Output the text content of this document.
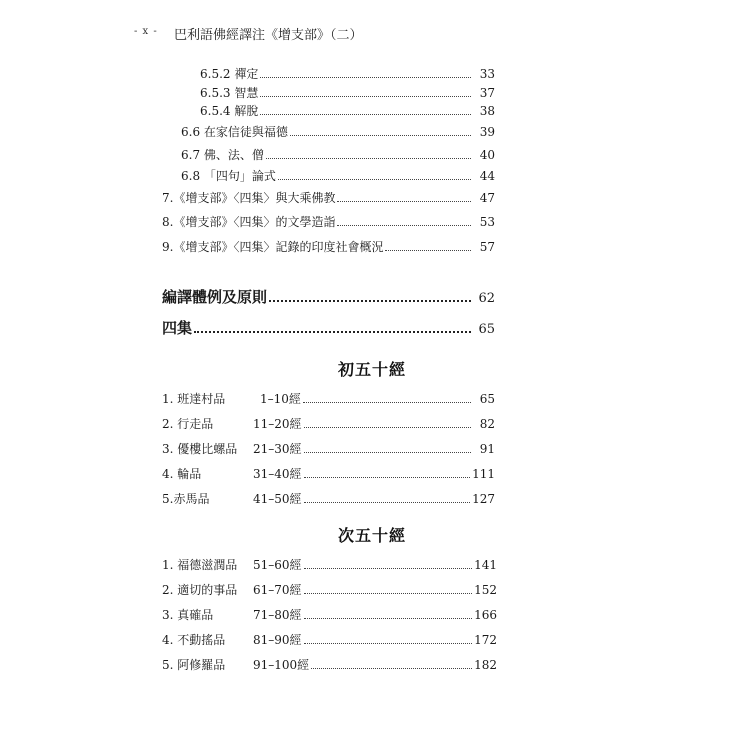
- x - 巴利語佛經譯注《增支部》（二）
6.5.2 禪定	33
6.5.3 智慧	37
6.5.4 解脫	38
6.6 在家信徒與福德	39
6.7 佛、法、僧	40
6.8 「四句」論式	44
7.《增支部》〈四集〉與大乘佛教	47
8.《增支部》〈四集〉的文學造詣	53
9.《增支部》〈四集〉記錄的印度社會概況	57
編譯體例及原則	62
四集	65
初五十經
1. 班達村品	1–10經	65
2. 行走品	11–20經	82
3. 優樓比螺品	21–30經	91
4. 輪品	31–40經	111
5.赤馬品	41–50經	127
次五十經
1. 福德滋潤品	51–60經	141
2. 適切的事品	61–70經	152
3. 真確品	71–80經	166
4. 不動搖品	81–90經	172
5. 阿修羅品	91–100經	182
